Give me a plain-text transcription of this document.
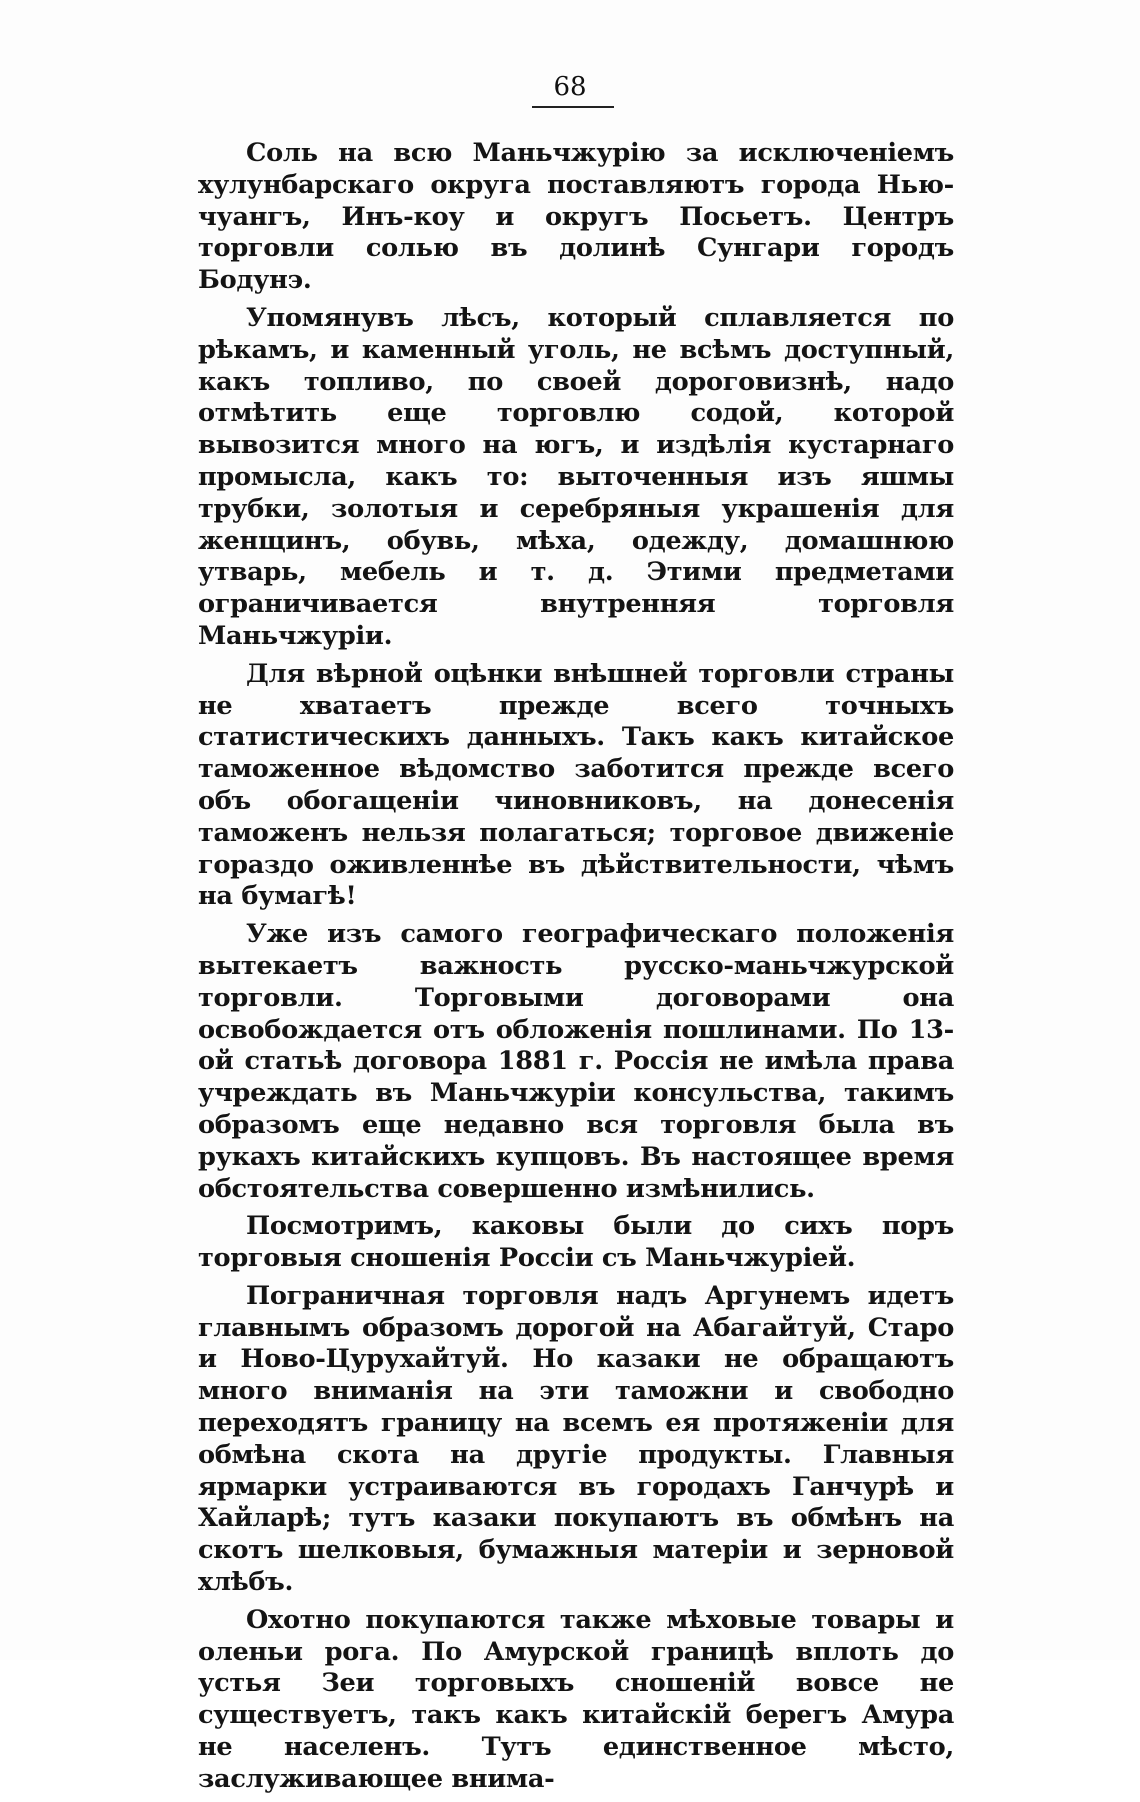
68

Соль на всю Маньчжурію за исключеніемъ хулунбарскаго округа поставляютъ города Нью-чуангъ, Инъ-коу и округъ Посьетъ. Центръ торговли солью въ долинѣ Сунгари городъ Бодунэ.

Упомянувъ лѣсъ, который сплавляется по рѣкамъ, и каменный уголь, не всѣмъ доступный, какъ топливо, по своей дороговизнѣ, надо отмѣтить еще торговлю содой, которой вывозится много на югъ, и издѣлія кустарнаго промысла, какъ то: выточенныя изъ яшмы трубки, золотыя и серебряныя украшенія для женщинъ, обувь, мѣха, одежду, домашнюю утварь, мебель и т. д. Этими предметами ограничивается внутренняя торговля Маньчжуріи.

Для вѣрной оцѣнки внѣшней торговли страны не хватаетъ прежде всего точныхъ статистическихъ данныхъ. Такъ какъ китайское таможенное вѣдомство заботится прежде всего объ обогащеніи чиновниковъ, на донесенія таможенъ нельзя полагаться; торговое движеніе гораздо оживленнѣе въ дѣйствительности, чѣмъ на бумагѣ!

Уже изъ самого географическаго положенія вытекаетъ важность русско-маньчжурской торговли. Торговыми договорами она освобождается отъ обложенія пошлинами. По 13-ой статьѣ договора 1881 г. Россія не имѣла права учреждать въ Маньчжуріи консульства, такимъ образомъ еще недавно вся торговля была въ рукахъ китайскихъ купцовъ. Въ настоящее время обстоятельства совершенно измѣнились.

Посмотримъ, каковы были до сихъ поръ торговыя сношенія Россіи съ Маньчжуріей.

Пограничная торговля надъ Аргунемъ идетъ главнымъ образомъ дорогой на Абагайтуй, Старо и Ново-Цурухайтуй. Но казаки не обращаютъ много вниманія на эти таможни и свободно переходятъ границу на всемъ ея протяженіи для обмѣна скота на другіе продукты. Главныя ярмарки устраиваются въ городахъ Ганчурѣ и Хайларѣ; тутъ казаки покупаютъ въ обмѣнъ на скотъ шелковыя, бумажныя матеріи и зерновой хлѣбъ.

Охотно покупаются также мѣховые товары и оленьи рога. По Амурской границѣ вплоть до устья Зеи торговыхъ сношеній вовсе не существуетъ, такъ какъ китайскій берегъ Амура не населенъ. Тутъ единственное мѣсто, заслуживающее внима-
